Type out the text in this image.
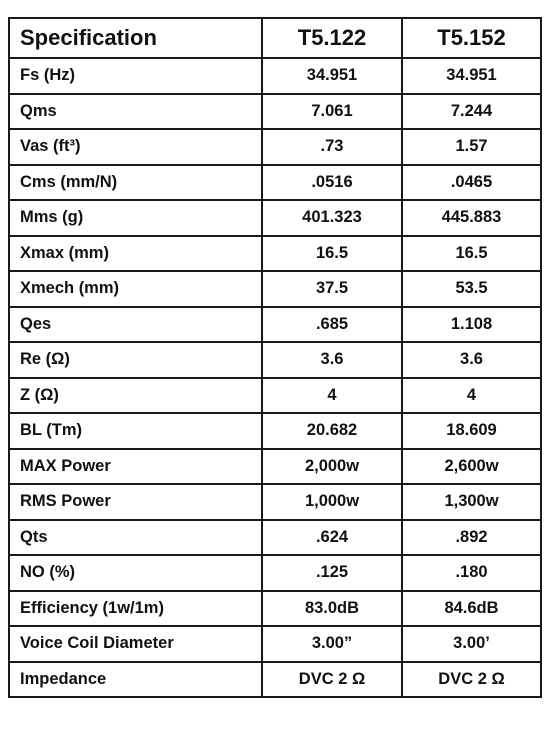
Specification	T5.122	T5.152
Fs (Hz)	34.951	34.951
Qms	7.061	7.244
Vas (ft³)	.73	1.57
Cms (mm/N)	.0516	.0465
Mms (g)	401.323	445.883
Xmax (mm)	16.5	16.5
Xmech (mm)	37.5	53.5
Qes	.685	1.108
Re (Ω)	3.6	3.6
Z (Ω)	4	4
BL (Tm)	20.682	18.609
MAX Power	2,000w	2,600w
RMS Power	1,000w	1,300w
Qts	.624	.892
NO (%)	.125	.180
Efficiency (1w/1m)	83.0dB	84.6dB
Voice Coil Diameter	3.00”	3.00’
Impedance	DVC 2 Ω	DVC 2 Ω
